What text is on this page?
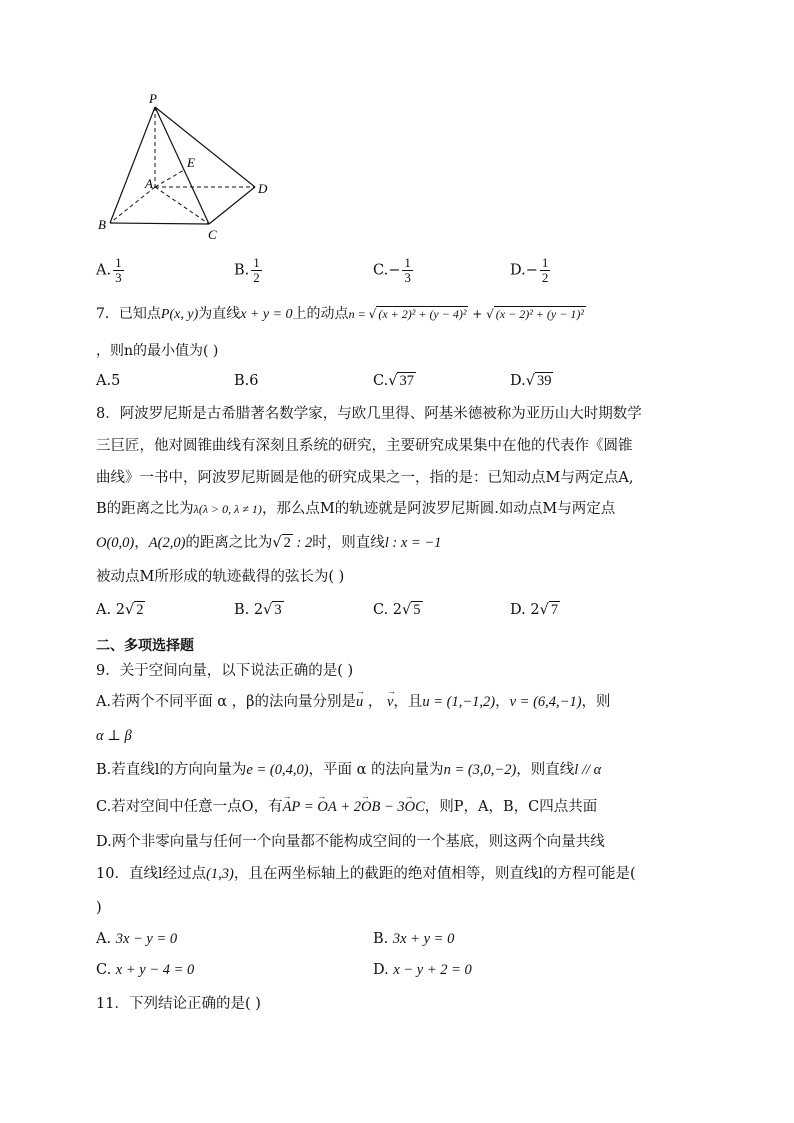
P
E
A	D
B
C
A. $\frac{1}{3}$	B. $\frac{1}{2}$	$C.- \frac{1}{3}$	$D.- \frac{1}{2}$
7．已知点P(x, y)为直线x + y = 0上的动点n = √ (x + 2)² + (y − 4)² + √ (x − 2)² + (y − 1)²
，则n的最小值为( )
A.5	B.6	C.√ 37	D.√ 39
8．阿波罗尼斯是古希腊著名数学家，与欧几里得、阿基米德被称为亚历山大时期数学
三巨匠，他对圆锥曲线有深刻且系统的研究，主要研究成果集中在他的代表作《圆锥
曲线》一书中，阿波罗尼斯圆是他的研究成果之一，指的是：已知动点M与两定点A,
B的距离之比为λ(λ > 0, λ ≠ 1)，那么点M的轨迹就是阿波罗尼斯圆.如动点M与两定点
O(0,0)，A(2,0)的距离之比为√ 2 : 2时，则直线l : x = −1
被动点M所形成的轨迹截得的弦长为( )
A. 2√ 2	B. 2√ 3	C. 2√ 5	D. 2√ 7
二、多项选择题
9．关于空间向量，以下说法正确的是( )
A.若两个不同平面 α ，β的法向量分别是→ u ， → v，且u = (1,−1,2)，v = (6,4,−1)，则
α ⊥ β
B.若直线l的方向向量为e = (0,4,0)，平面 α 的法向量为n = (3,0,−2)，则直线l // α
C.若对空间中任意一点O，有→ AP = → OA + 2→ OB − 3→ OC，则P，A，B，C四点共面
D.两个非零向量与任何一个向量都不能构成空间的一个基底，则这两个向量共线
10．直线l经过点(1,3)，且在两坐标轴上的截距的绝对值相等，则直线l的方程可能是(
)
A. 3x − y = 0	B. 3x + y = 0
C. x + y − 4 = 0	D. x − y + 2 = 0
11．下列结论正确的是( )
